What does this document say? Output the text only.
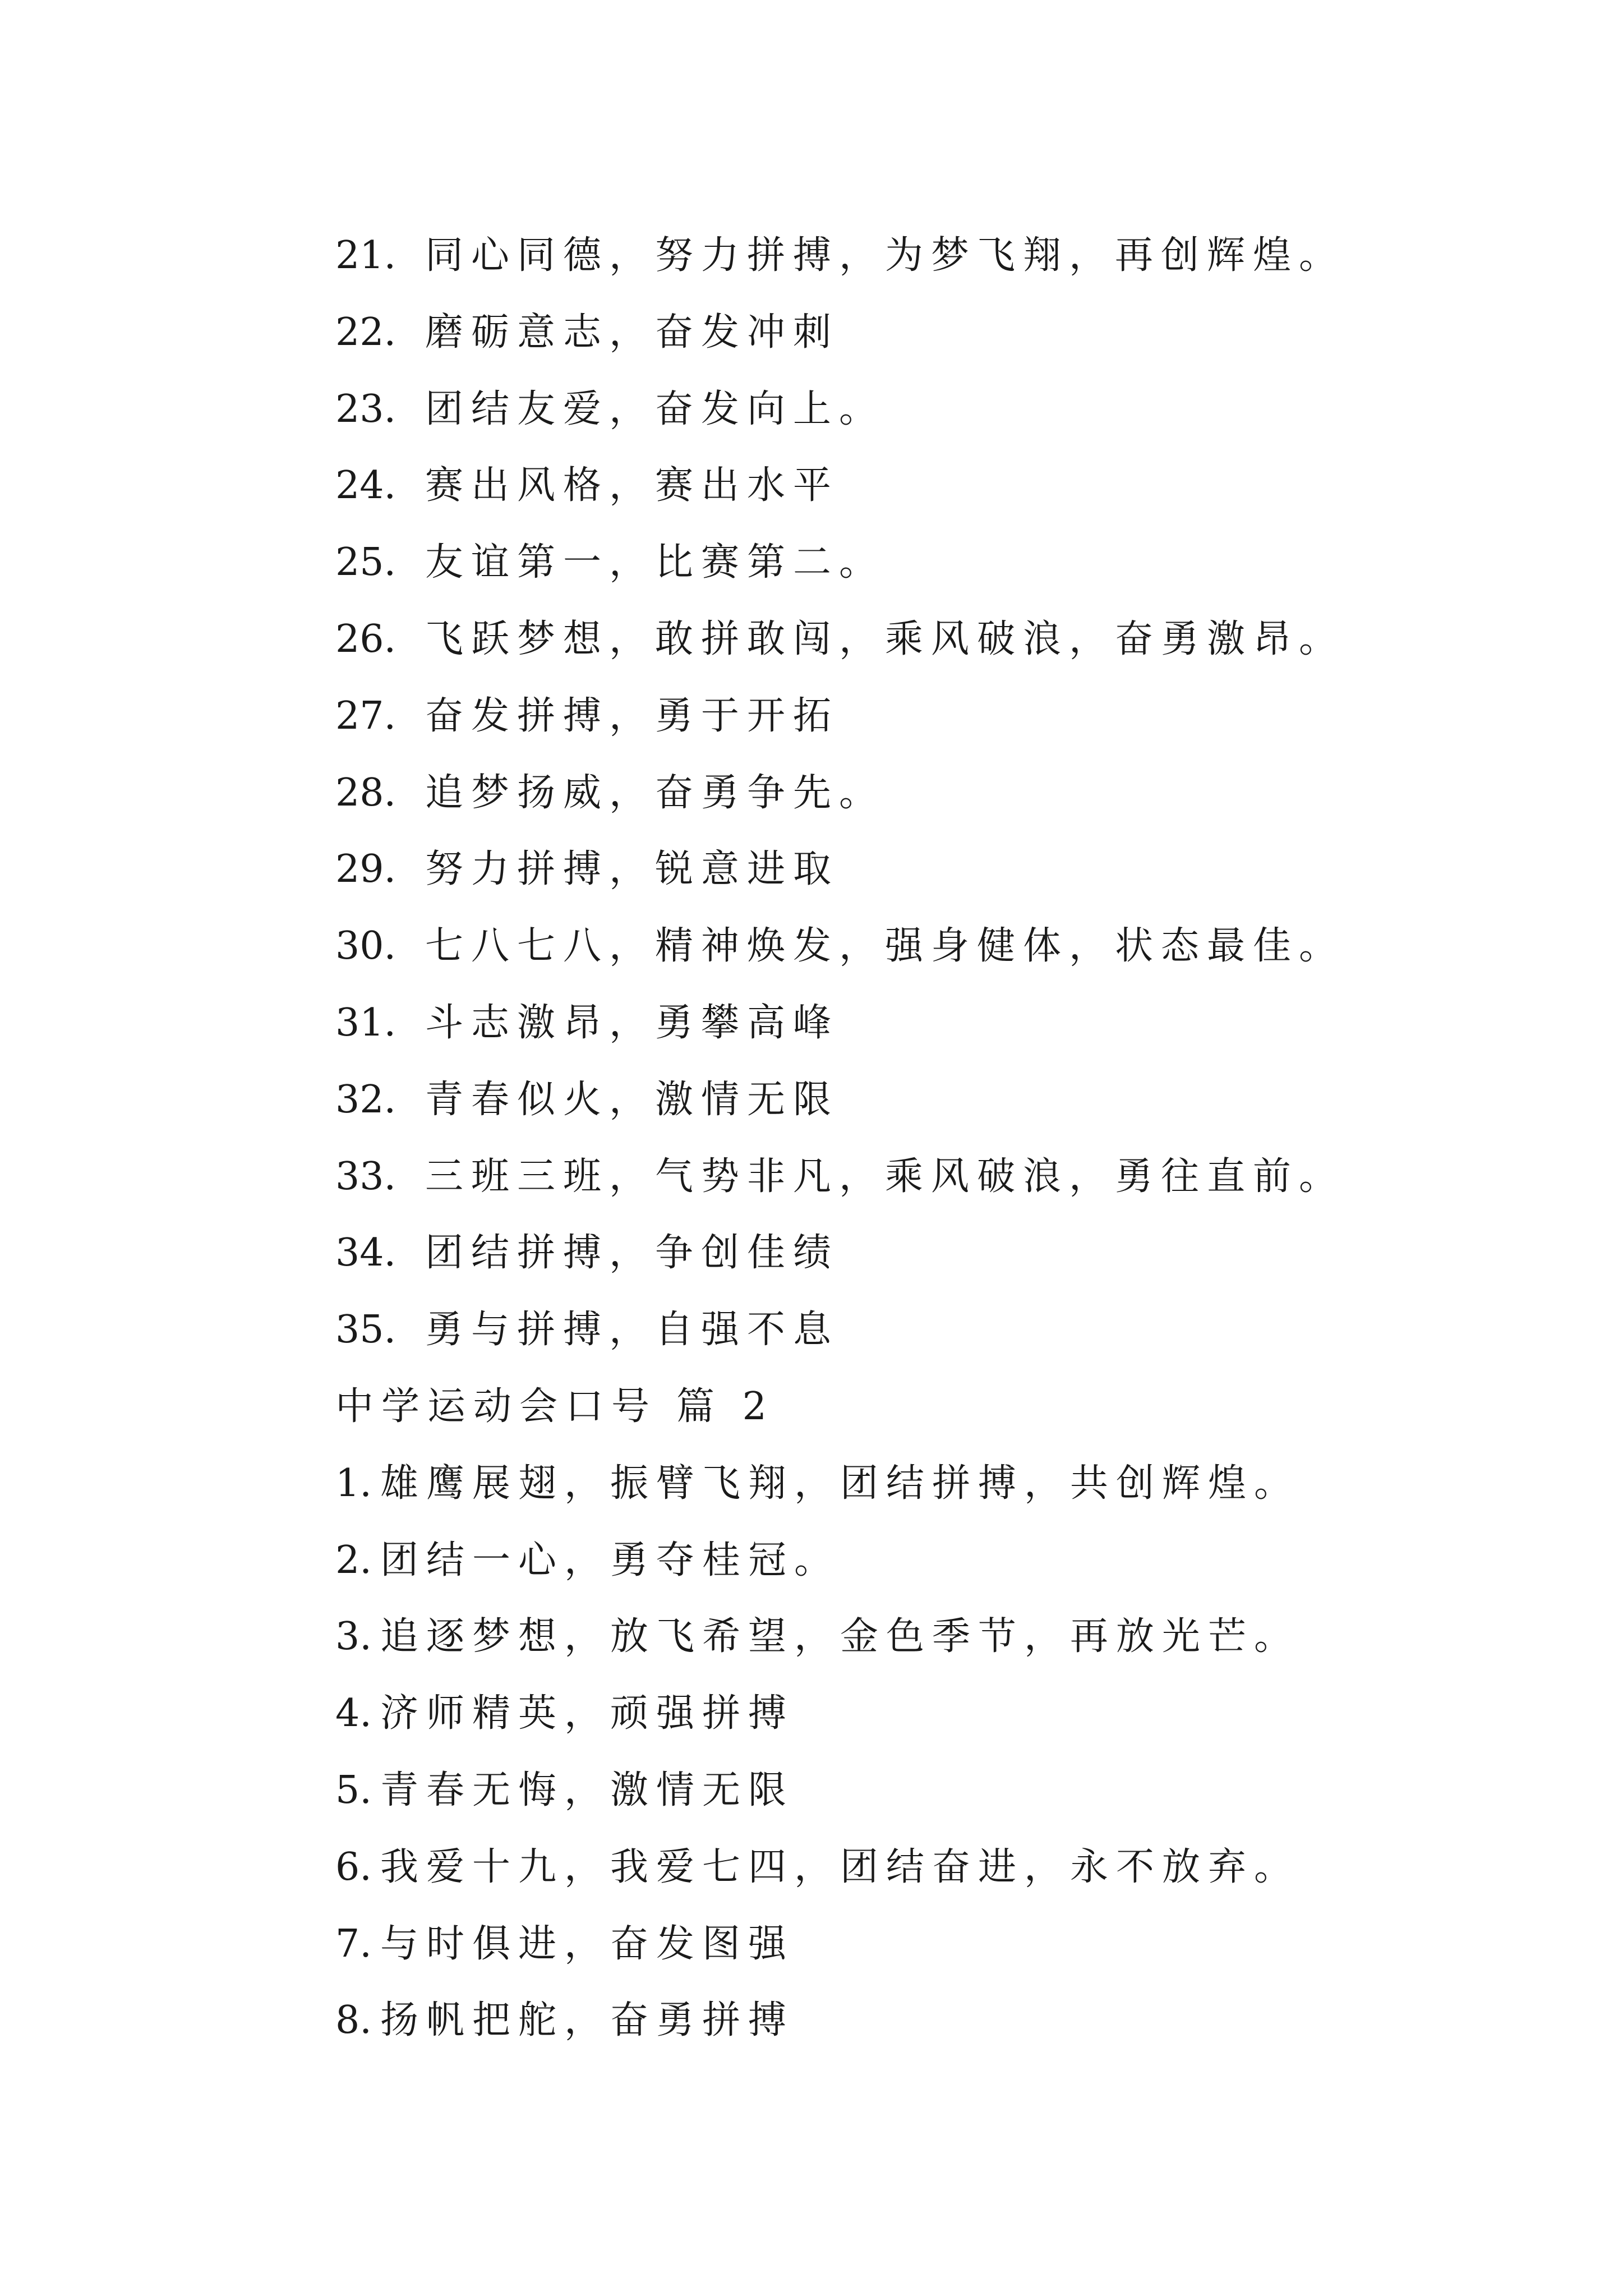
21. 同心同德，努力拼搏，为梦飞翔，再创辉煌。
22. 磨砺意志，奋发冲刺
23. 团结友爱，奋发向上。
24. 赛出风格，赛出水平
25. 友谊第一，比赛第二。
26. 飞跃梦想，敢拼敢闯，乘风破浪，奋勇激昂。
27. 奋发拼搏，勇于开拓
28. 追梦扬威，奋勇争先。
29. 努力拼搏，锐意进取
30. 七八七八，精神焕发，强身健体，状态最佳。
31. 斗志激昂，勇攀高峰
32. 青春似火，激情无限
33. 三班三班，气势非凡，乘风破浪，勇往直前。
34. 团结拼搏，争创佳绩
35. 勇与拼搏，自强不息
中学运动会口号 篇 2
1. 雄鹰展翅，振臂飞翔，团结拼搏，共创辉煌。
2. 团结一心，勇夺桂冠。
3. 追逐梦想，放飞希望，金色季节，再放光芒。
4. 济师精英，顽强拼搏
5. 青春无悔，激情无限
6. 我爱十九，我爱七四，团结奋进，永不放弃。
7. 与时俱进，奋发图强
8. 扬帆把舵，奋勇拼搏
